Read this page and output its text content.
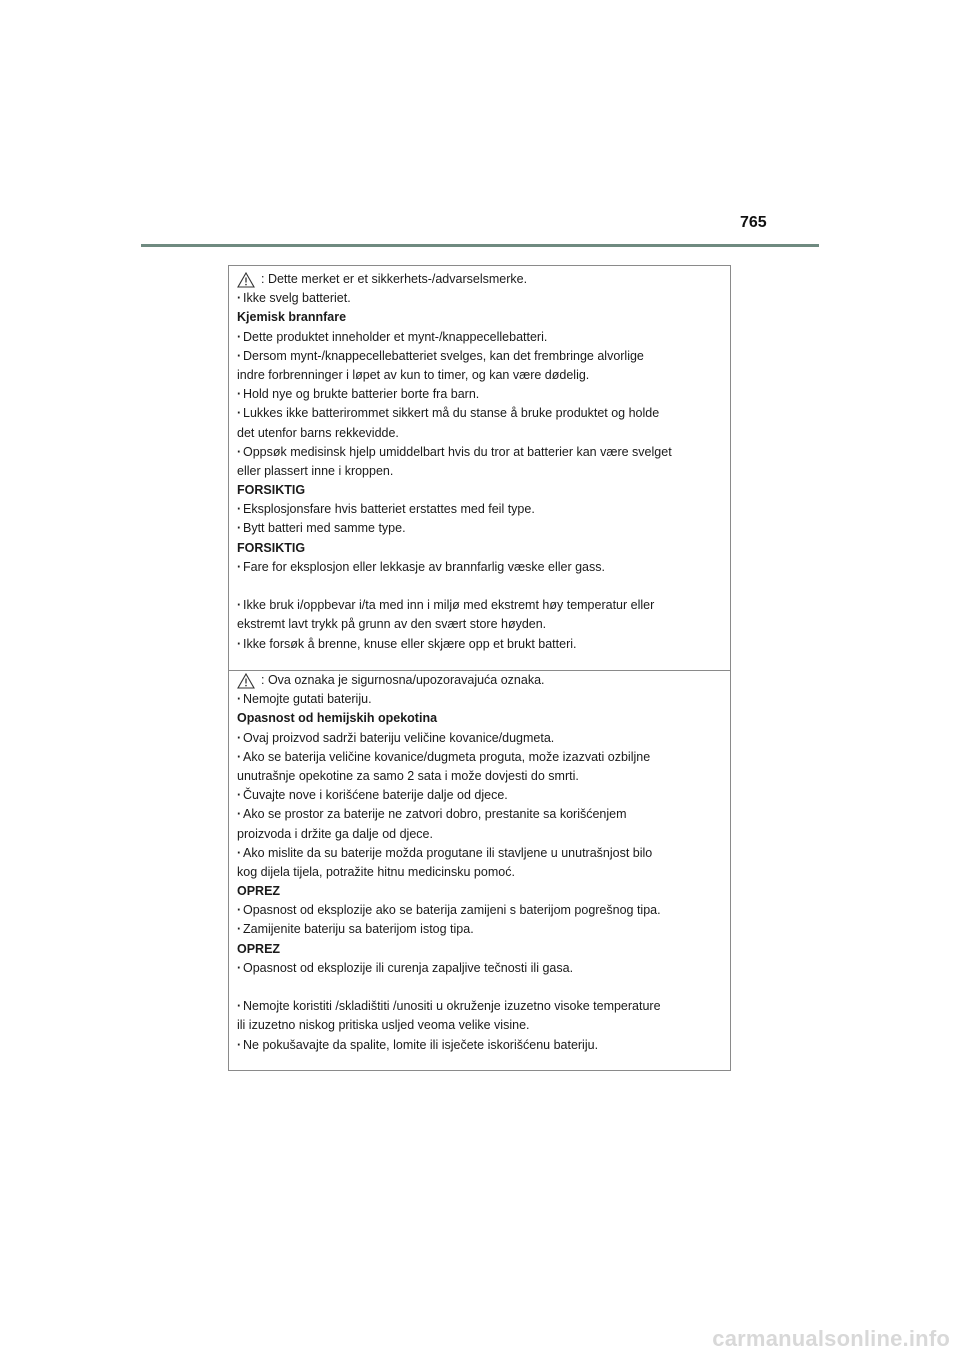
765
: Dette merket er et sikkerhets-/advarselsmerke.
· Ikke svelg batteriet.
Kjemisk brannfare
· Dette produktet inneholder et mynt-/knappecellebatteri.
· Dersom mynt-/knappecellebatteriet svelges, kan det frembringe alvorlige
indre forbrenninger i løpet av kun to timer, og kan være dødelig.
· Hold nye og brukte batterier borte fra barn.
· Lukkes ikke batterirommet sikkert må du stanse å bruke produktet og holde
det utenfor barns rekkevidde.
· Oppsøk medisinsk hjelp umiddelbart hvis du tror at batterier kan være svelget
eller plassert inne i kroppen.
FORSIKTIG
· Eksplosjonsfare hvis batteriet erstattes med feil type.
· Bytt batteri med samme type.
FORSIKTIG
· Fare for eksplosjon eller lekkasje av brannfarlig væske eller gass.
· Ikke bruk i/oppbevar i/ta med inn i miljø med ekstremt høy temperatur eller
ekstremt lavt trykk på grunn av den svært store høyden.
· Ikke forsøk å brenne, knuse eller skjære opp et brukt batteri.
: Ova oznaka je sigurnosna/upozoravajuća oznaka.
· Nemojte gutati bateriju.
Opasnost od hemijskih opekotina
· Ovaj proizvod sadrži bateriju veličine kovanice/dugmeta.
· Ako se baterija veličine kovanice/dugmeta proguta, može izazvati ozbiljne
unutrašnje opekotine za samo 2 sata i može dovjesti do smrti.
· Čuvajte nove i korišćene baterije dalje od djece.
· Ako se prostor za baterije ne zatvori dobro, prestanite sa korišćenjem
proizvoda i držite ga dalje od djece.
· Ako mislite da su baterije možda progutane ili stavljene u unutrašnjost bilo
kog dijela tijela, potražite hitnu medicinsku pomoć.
OPREZ
· Opasnost od eksplozije ako se baterija zamijeni s baterijom pogrešnog tipa.
· Zamijenite bateriju sa baterijom istog tipa.
OPREZ
· Opasnost od eksplozije ili curenja zapaljive tečnosti ili gasa.
· Nemojte koristiti /skladištiti /unositi u okruženje izuzetno visoke temperature
ili izuzetno niskog pritiska usljed veoma velike visine.
· Ne pokušavajte da spalite, lomite ili isječete iskorišćenu bateriju.
carmanualsonline.info
